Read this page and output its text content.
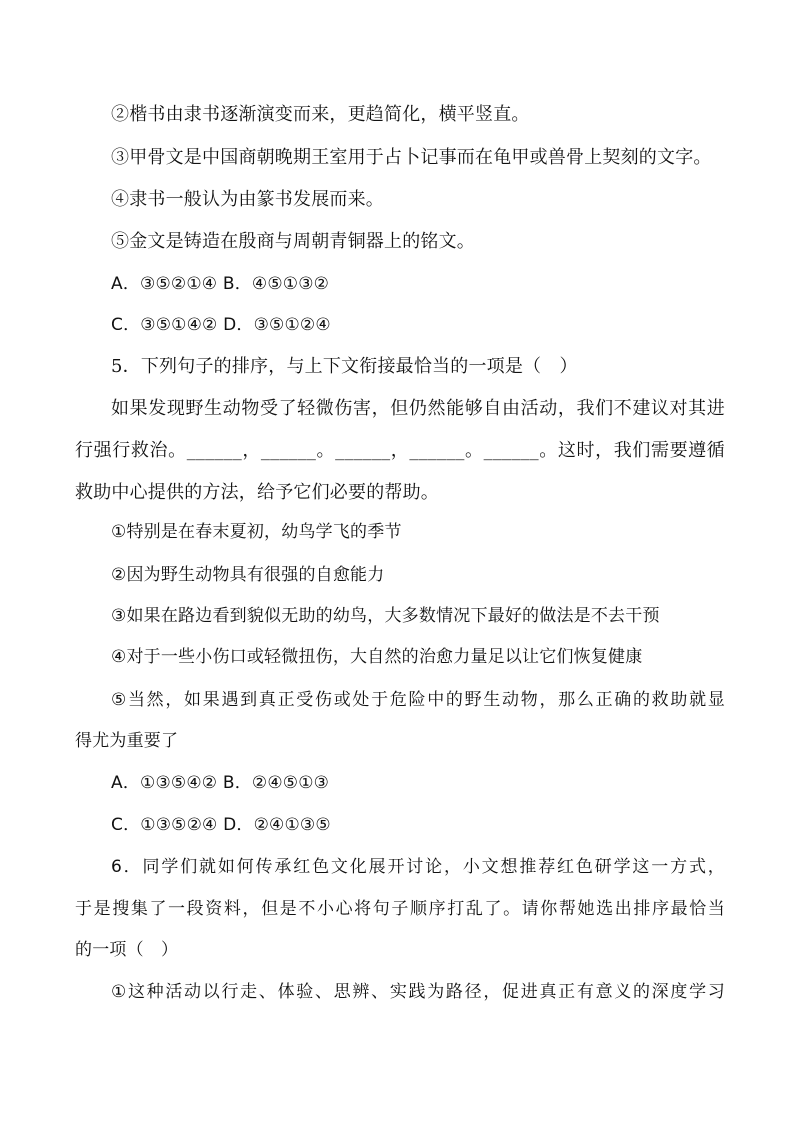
②楷书由隶书逐渐演变而来，更趋简化，横平竖直。
③甲骨文是中国商朝晚期王室用于占卜记事而在龟甲或兽骨上契刻的文字。
④隶书一般认为由篆书发展而来。
⑤金文是铸造在殷商与周朝青铜器上的铭文。
A．③⑤②①④ B．④⑤①③②
C．③⑤①④② D．③⑤①②④
5．下列句子的排序，与上下文衔接最恰当的一项是（　）
如果发现野生动物受了轻微伤害，但仍然能够自由活动，我们不建议对其进
行强行救治。______，______。______，______。______。这时，我们需要遵循
救助中心提供的方法，给予它们必要的帮助。
①特别是在春末夏初，幼鸟学飞的季节
②因为野生动物具有很强的自愈能力
③如果在路边看到貌似无助的幼鸟，大多数情况下最好的做法是不去干预
④对于一些小伤口或轻微扭伤，大自然的治愈力量足以让它们恢复健康
⑤当然，如果遇到真正受伤或处于危险中的野生动物，那么正确的救助就显
得尤为重要了
A．①③⑤④② B．②④⑤①③
C．①③⑤②④ D．②④①③⑤
6．同学们就如何传承红色文化展开讨论，小文想推荐红色研学这一方式，
于是搜集了一段资料，但是不小心将句子顺序打乱了。请你帮她选出排序最恰当
的一项（　）
①这种活动以行走、体验、思辨、实践为路径，促进真正有意义的深度学习
